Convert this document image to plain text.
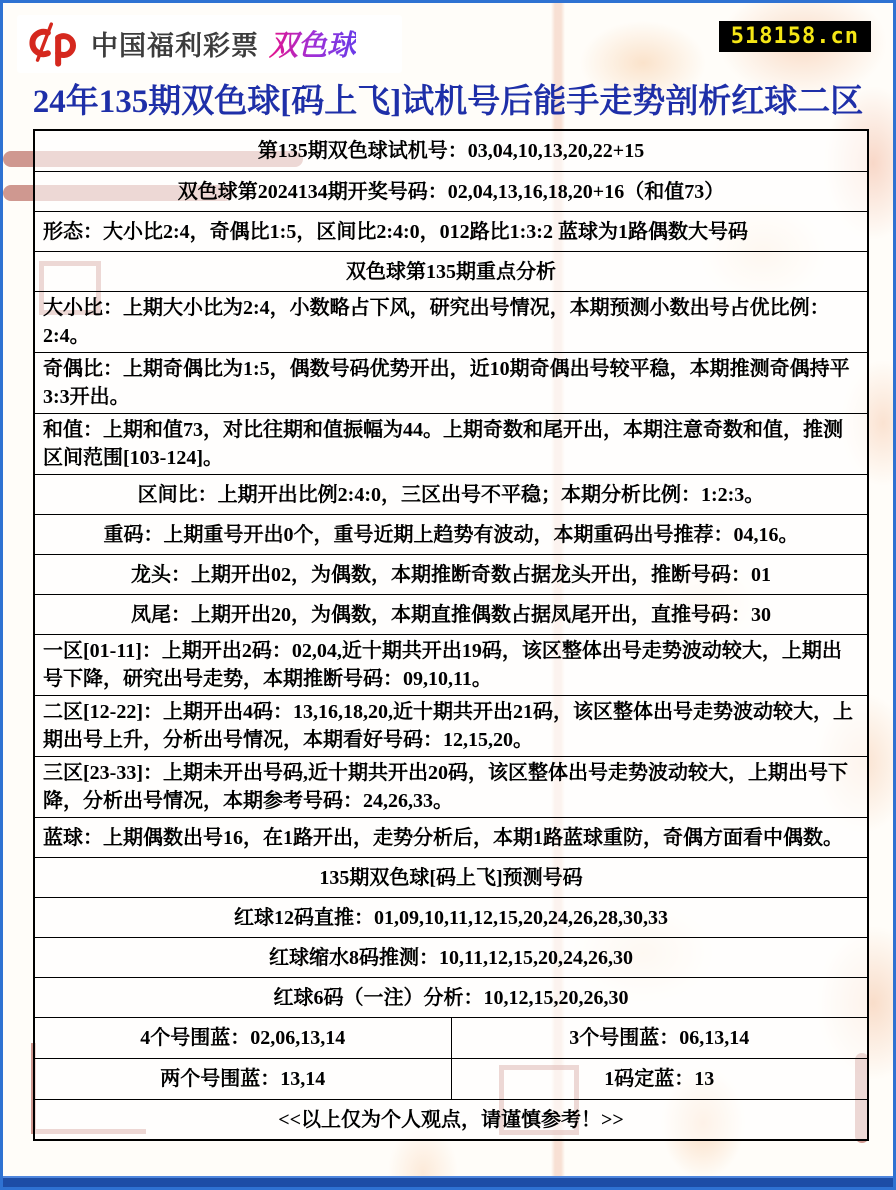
中国福利彩票 双色球	518158.cn
24年135期双色球[码上飞]试机号后能手走势剖析红球二区
第135期双色球试机号：03,04,10,13,20,22+15
双色球第2024134期开奖号码：02,04,13,16,18,20+16（和值73）
形态：大小比2:4，奇偶比1:5，区间比2:4:0，012路比1:3:2 蓝球为1路偶数大号码
双色球第135期重点分析
大小比：上期大小比为2:4，小数略占下风，研究出号情况，本期预测小数出号占优比例：2:4。
奇偶比：上期奇偶比为1:5，偶数号码优势开出，近10期奇偶出号较平稳，本期推测奇偶持平3:3开出。
和值：上期和值73，对比往期和值振幅为44。上期奇数和尾开出，本期注意奇数和值，推测区间范围[103-124]。
区间比：上期开出比例2:4:0，三区出号不平稳；本期分析比例：1:2:3。
重码：上期重号开出0个，重号近期上趋势有波动，本期重码出号推荐：04,16。
龙头：上期开出02，为偶数，本期推断奇数占据龙头开出，推断号码：01
凤尾：上期开出20，为偶数，本期直推偶数占据凤尾开出，直推号码：30
一区[01-11]：上期开出2码：02,04,近十期共开出19码，该区整体出号走势波动较大，上期出号下降，研究出号走势，本期推断号码：09,10,11。
二区[12-22]：上期开出4码：13,16,18,20,近十期共开出21码，该区整体出号走势波动较大，上期出号上升，分析出号情况，本期看好号码：12,15,20。
三区[23-33]：上期未开出号码,近十期共开出20码，该区整体出号走势波动较大，上期出号下降，分析出号情况，本期参考号码：24,26,33。
蓝球：上期偶数出号16，在1路开出，走势分析后，本期1路蓝球重防，奇偶方面看中偶数。
135期双色球[码上飞]预测号码
红球12码直推：01,09,10,11,12,15,20,24,26,28,30,33
红球缩水8码推测：10,11,12,15,20,24,26,30
红球6码（一注）分析：10,12,15,20,26,30
4个号围蓝：02,06,13,14	3个号围蓝：06,13,14
两个号围蓝：13,14	1码定蓝：13
<<以上仅为个人观点，请谨慎参考！>>
